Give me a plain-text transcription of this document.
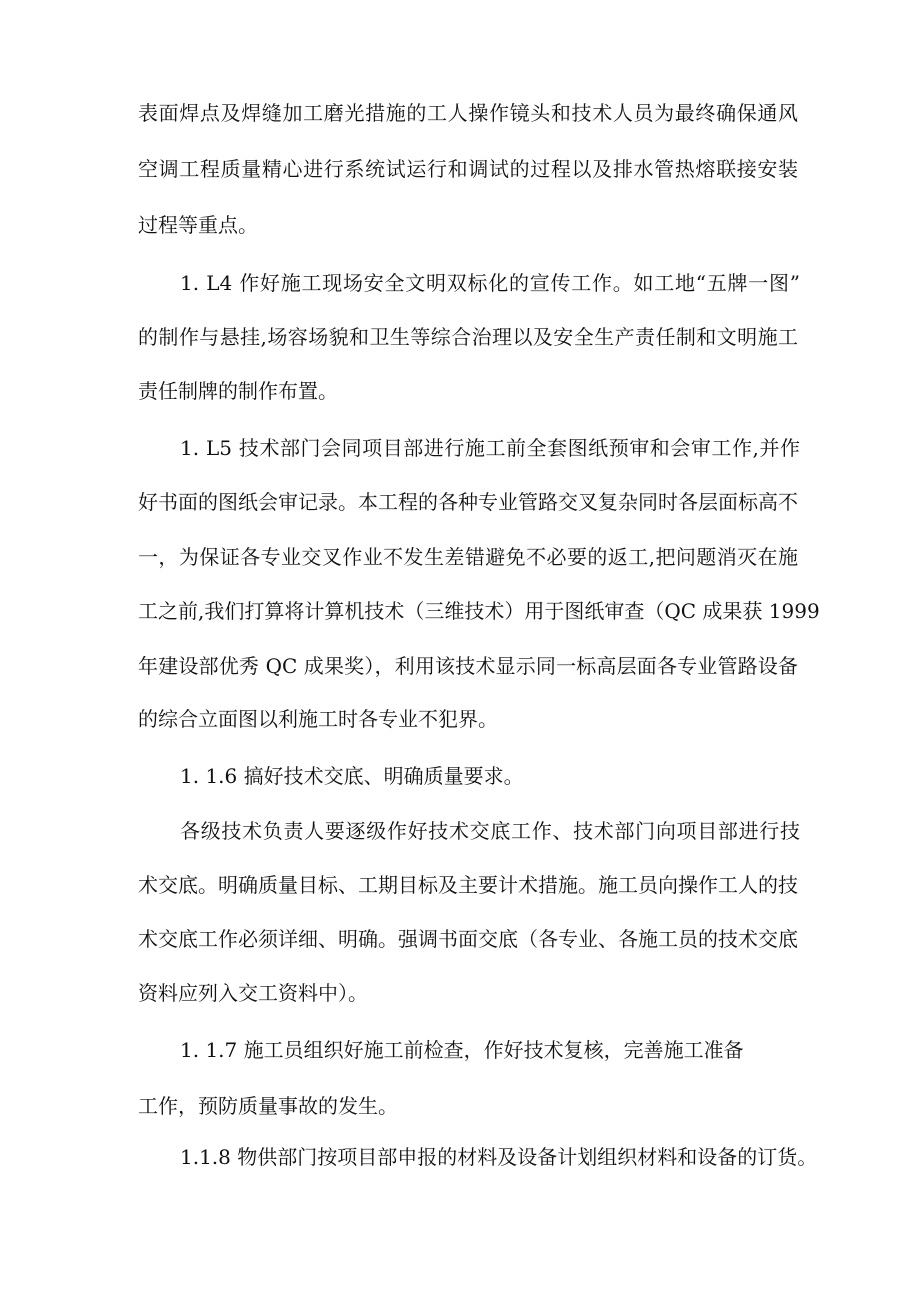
表面焊点及焊缝加工磨光措施的工人操作镜头和技术人员为最终确保通风
空调工程质量精心进行系统试运行和调试的过程以及排水管热熔联接安装
过程等重点。
1. L4 作好施工现场安全文明双标化的宣传工作。如工地“五牌一图”
的制作与悬挂,场容场貌和卫生等综合治理以及安全生产责任制和文明施工
责任制牌的制作布置。
1. L5 技术部门会同项目部进行施工前全套图纸预审和会审工作,并作
好书面的图纸会审记录。本工程的各种专业管路交叉复杂同时各层面标高不
一，为保证各专业交叉作业不发生差错避免不必要的返工,把问题消灭在施
工之前,我们打算将计算机技术（三维技术）用于图纸审查（QC 成果获 1999
年建设部优秀 QC 成果奖），利用该技术显示同一标高层面各专业管路设备
的综合立面图以利施工时各专业不犯界。
1. 1.6 搞好技术交底、明确质量要求。
各级技术负责人要逐级作好技术交底工作、技术部门向项目部进行技
术交底。明确质量目标、工期目标及主要计术措施。施工员向操作工人的技
术交底工作必须详细、明确。强调书面交底（各专业、各施工员的技术交底
资料应列入交工资料中）。
1. 1.7 施工员组织好施工前检查，作好技术复核，完善施工准备
工作，预防质量事故的发生。
1.1.8 物供部门按项目部申报的材料及设备计划组织材料和设备的订货。
